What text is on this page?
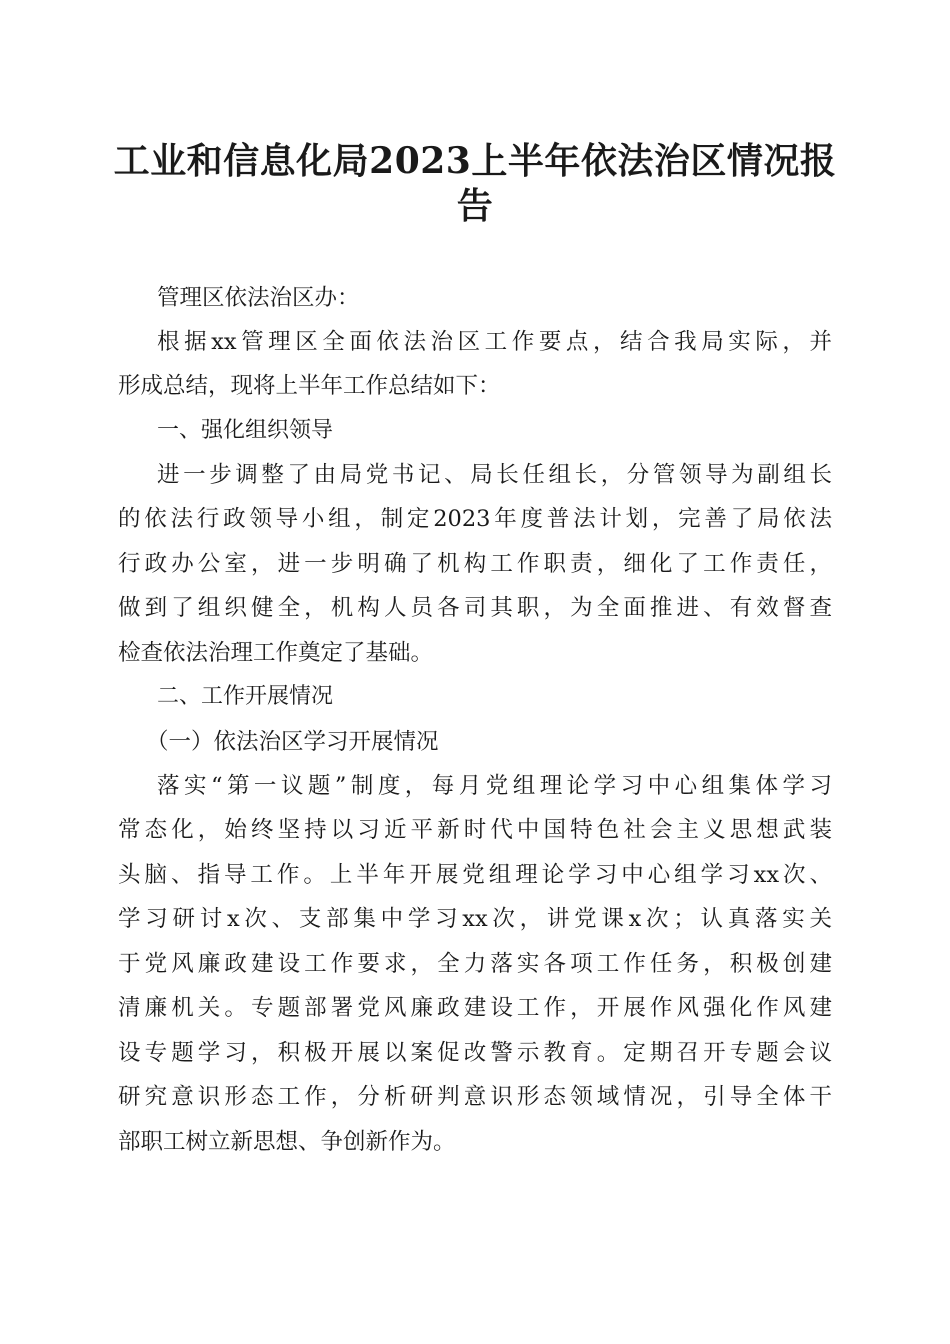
工业和信息化局2023上半年依法治区情况报
告

管理区依法治区办：

根据xx管理区全面依法治区工作要点，结合我局实际，并

形成总结，现将上半年工作总结如下：

一、强化组织领导

进一步调整了由局党书记、局长任组长，分管领导为副组长

的依法行政领导小组，制定2023年度普法计划，完善了局依法

行政办公室，进一步明确了机构工作职责，细化了工作责任，

做到了组织健全，机构人员各司其职，为全面推进、有效督查

检查依法治理工作奠定了基础。

二、工作开展情况

（一）依法治区学习开展情况

落实“第一议题”制度，每月党组理论学习中心组集体学习

常态化，始终坚持以习近平新时代中国特色社会主义思想武装

头脑、指导工作。上半年开展党组理论学习中心组学习xx次、

学习研讨x次、支部集中学习xx次，讲党课x次；认真落实关

于党风廉政建设工作要求，全力落实各项工作任务，积极创建

清廉机关。专题部署党风廉政建设工作，开展作风强化作风建

设专题学习，积极开展以案促改警示教育。定期召开专题会议

研究意识形态工作，分析研判意识形态领域情况，引导全体干

部职工树立新思想、争创新作为。
